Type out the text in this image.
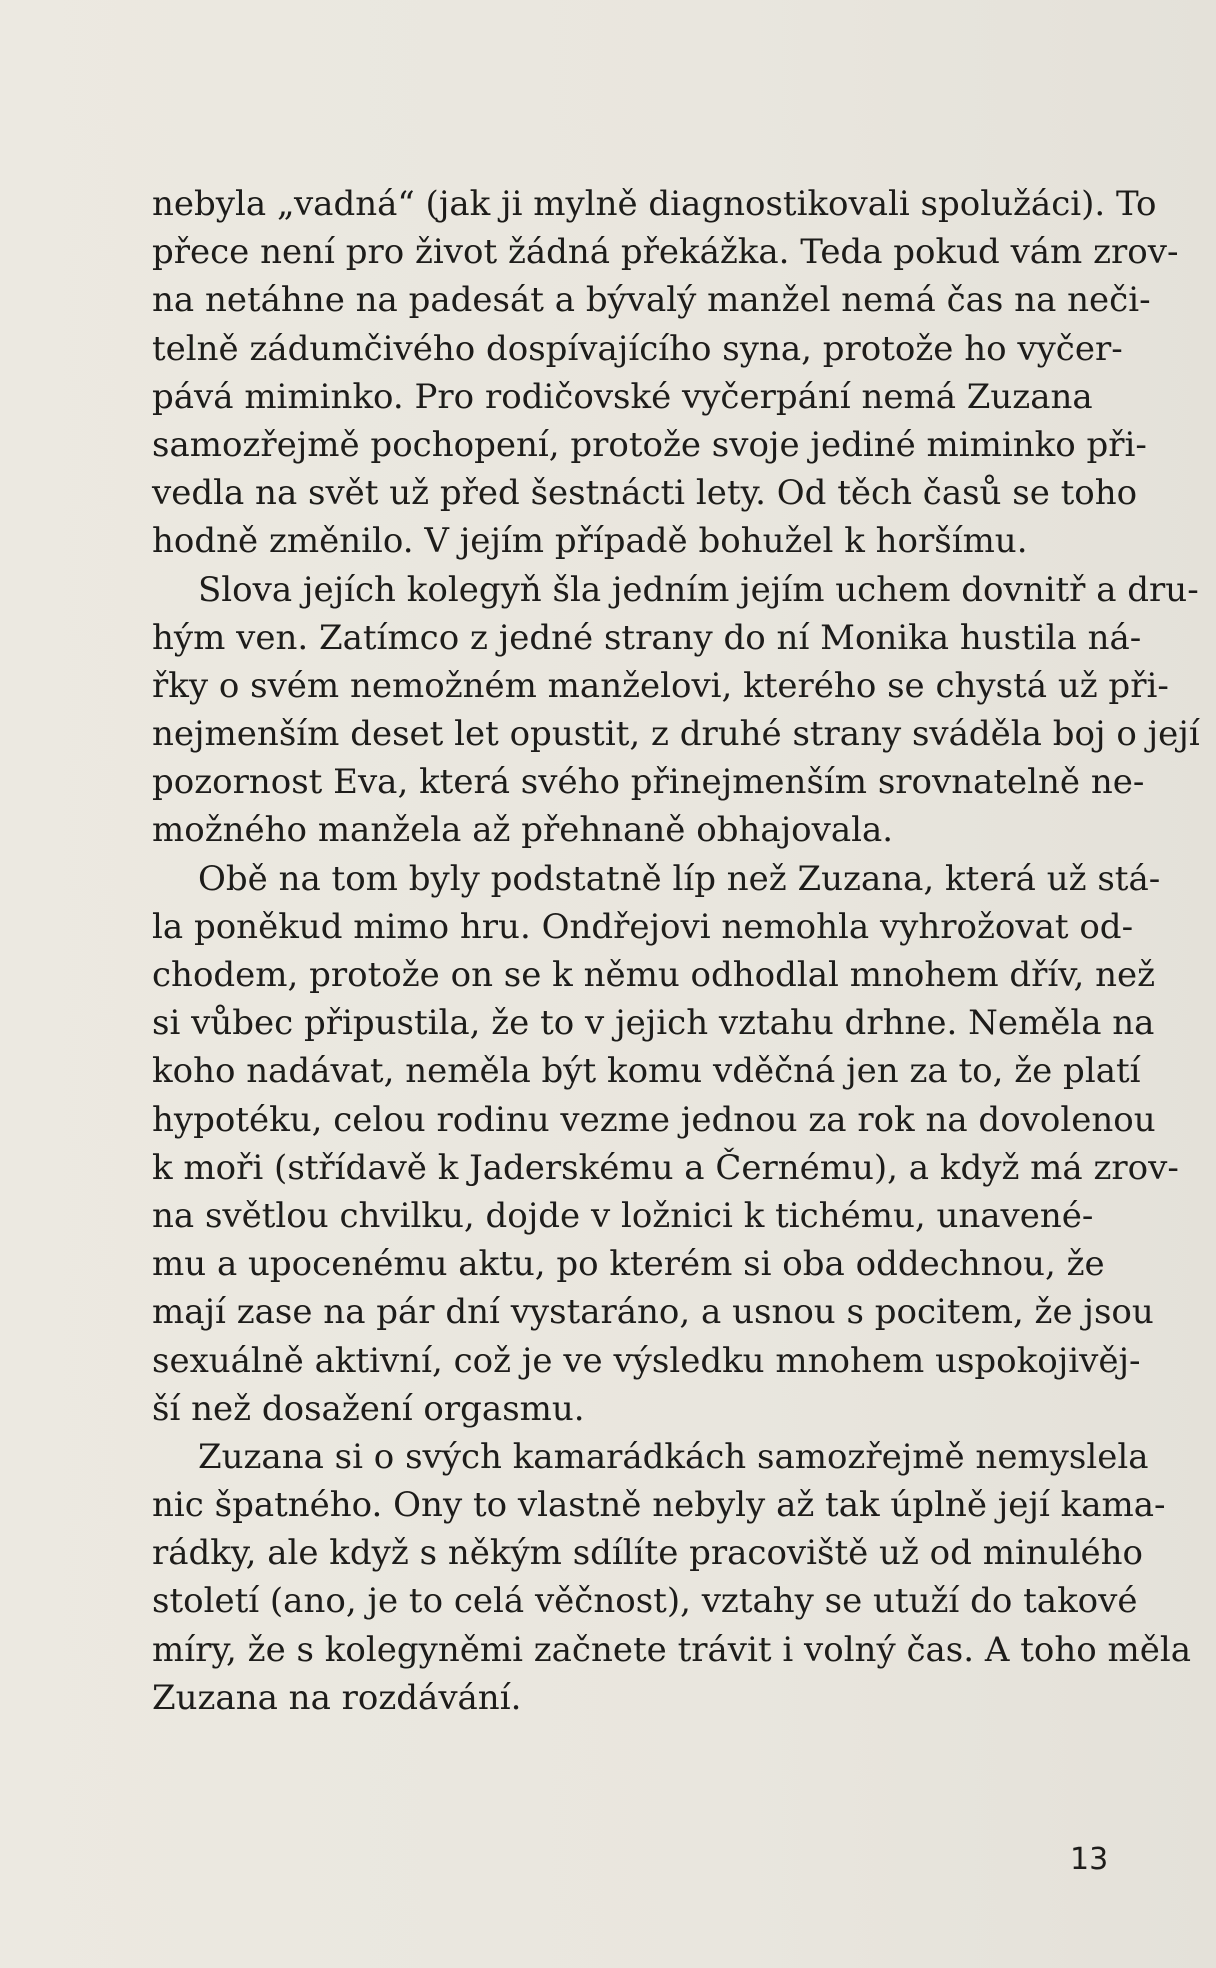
nebyla „vadná“ (jak ji mylně diagnostikovali spolužáci). To
přece není pro život žádná překážka. Teda pokud vám zrov-
na netáhne na padesát a bývalý manžel nemá čas na neči-
telně zádumčivého dospívajícího syna, protože ho vyčer-
pává miminko. Pro rodičovské vyčerpání nemá Zuzana
samozřejmě pochopení, protože svoje jediné miminko při-
vedla na svět už před šestnácti lety. Od těch časů se toho
hodně změnilo. V jejím případě bohužel k horšímu.
Slova jejích kolegyň šla jedním jejím uchem dovnitř a dru-
hým ven. Zatímco z jedné strany do ní Monika hustila ná-
řky o svém nemožném manželovi, kterého se chystá už při-
nejmenším deset let opustit, z druhé strany sváděla boj o její
pozornost Eva, která svého přinejmenším srovnatelně ne-
možného manžela až přehnaně obhajovala.
Obě na tom byly podstatně líp než Zuzana, která už stá-
la poněkud mimo hru. Ondřejovi nemohla vyhrožovat od-
chodem, protože on se k němu odhodlal mnohem dřív, než
si vůbec připustila, že to v jejich vztahu drhne. Neměla na
koho nadávat, neměla být komu vděčná jen za to, že platí
hypotéku, celou rodinu vezme jednou za rok na dovolenou
k moři (střídavě k Jaderskému a Černému), a když má zrov-
na světlou chvilku, dojde v ložnici k tichému, unavené-
mu a upocenému aktu, po kterém si oba oddechnou, že
mají zase na pár dní vystaráno, a usnou s pocitem, že jsou
sexuálně aktivní, což je ve výsledku mnohem uspokojivěj-
ší než dosažení orgasmu.
Zuzana si o svých kamarádkách samozřejmě nemyslela
nic špatného. Ony to vlastně nebyly až tak úplně její kama-
rádky, ale když s někým sdílíte pracoviště už od minulého
století (ano, je to celá věčnost), vztahy se utuží do takové
míry, že s kolegyněmi začnete trávit i volný čas. A toho měla
Zuzana na rozdávání.
13
